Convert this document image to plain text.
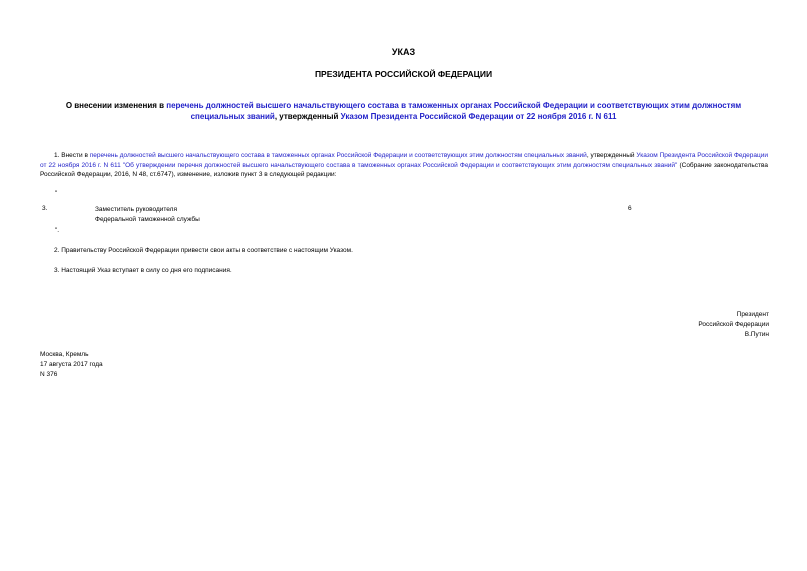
УКАЗ
ПРЕЗИДЕНТА РОССИЙСКОЙ ФЕДЕРАЦИИ
О внесении изменения в перечень должностей высшего начальствующего состава в таможенных органах Российской Федерации и соответствующих этим должностям специальных званий, утвержденный Указом Президента Российской Федерации от 22 ноября 2016 г. N 611
1. Внести в перечень должностей высшего начальствующего состава в таможенных органах Российской Федерации и соответствующих этим должностям специальных званий, утвержденный Указом Президента Российской Федерации от 22 ноября 2016 г. N 611 "Об утверждении перечня должностей высшего начальствующего состава в таможенных органах Российской Федерации и соответствующих этим должностям специальных званий" (Собрание законодательства Российской Федерации, 2016, N 48, ст.6747), изменение, изложив пункт 3 в следующей редакции:
"
3.	Заместитель руководителя
Федеральной таможенной службы
6
".
2. Правительству Российской Федерации привести свои акты в соответствие с настоящим Указом.
3. Настоящий Указ вступает в силу со дня его подписания.
Президент
Российской Федерации
В.Путин
Москва, Кремль
17 августа 2017 года
N 376
